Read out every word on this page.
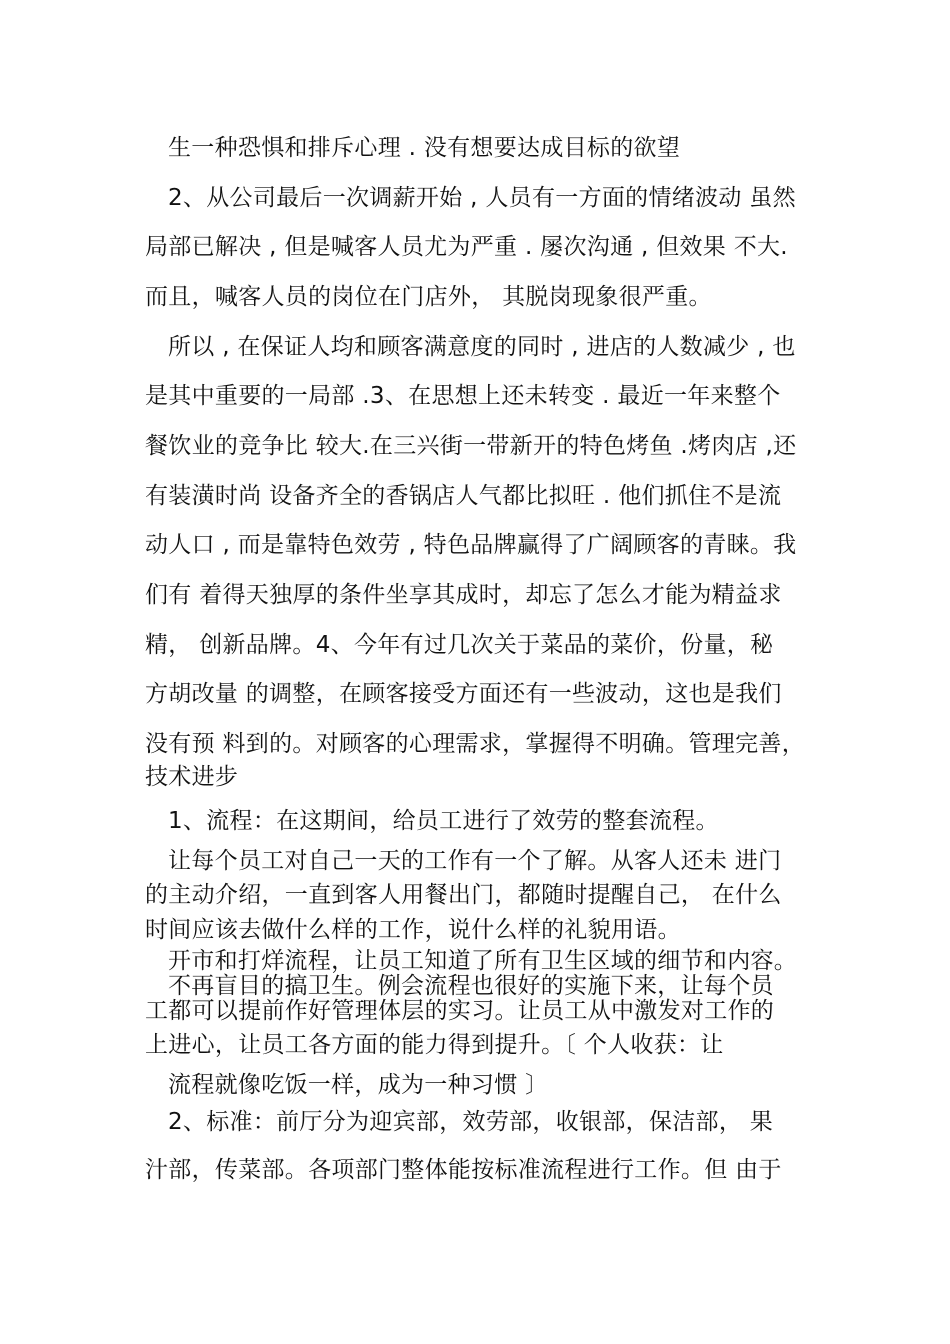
生一种恐惧和排斥心理 . 没有想要达成目标的欲望

2、从公司最后一次调薪开始 , 人员有一方面的情绪波动 虽然

局部已解决 , 但是喊客人员尤为严重 . 屡次沟通 , 但效果 不大.

而且，喊客人员的岗位在门店外， 其脱岗现象很严重。

所以 , 在保证人均和顾客满意度的同时 , 进店的人数减少 , 也

是其中重要的一局部 .3、在思想上还未转变 . 最近一年来整个

餐饮业的竞争比 较大.在三兴街一带新开的特色烤鱼 .烤肉店 ,还

有装潢时尚 设备齐全的香锅店人气都比拟旺 . 他们抓住不是流

动人口 , 而是靠特色效劳 , 特色品牌赢得了广阔顾客的青睐。我

们有 着得天独厚的条件坐享其成时，却忘了怎么才能为精益求

精， 创新品牌。4、今年有过几次关于菜品的菜价，份量，秘

方胡改量 的调整，在顾客接受方面还有一些波动，这也是我们

没有预 料到的。对顾客的心理需求，掌握得不明确。管理完善，

技术进步

1、流程：在这期间，给员工进行了效劳的整套流程。

让每个员工对自己一天的工作有一个了解。从客人还未 进门

的主动介绍，一直到客人用餐出门，都随时提醒自己， 在什么

时间应该去做什么样的工作，说什么样的礼貌用语。

开市和打烊流程，让员工知道了所有卫生区域的细节和内容。

不再盲目的搞卫生。例会流程也很好的实施下来，让每个员

工都可以提前作好管理体层的实习。让员工从中激发对工作的

上进心，让员工各方面的能力得到提升。〔 个人收获：让

流程就像吃饭一样，成为一种习惯 〕

2、标准：前厅分为迎宾部，效劳部，收银部，保洁部， 果

汁部，传菜部。各项部门整体能按标准流程进行工作。但 由于
